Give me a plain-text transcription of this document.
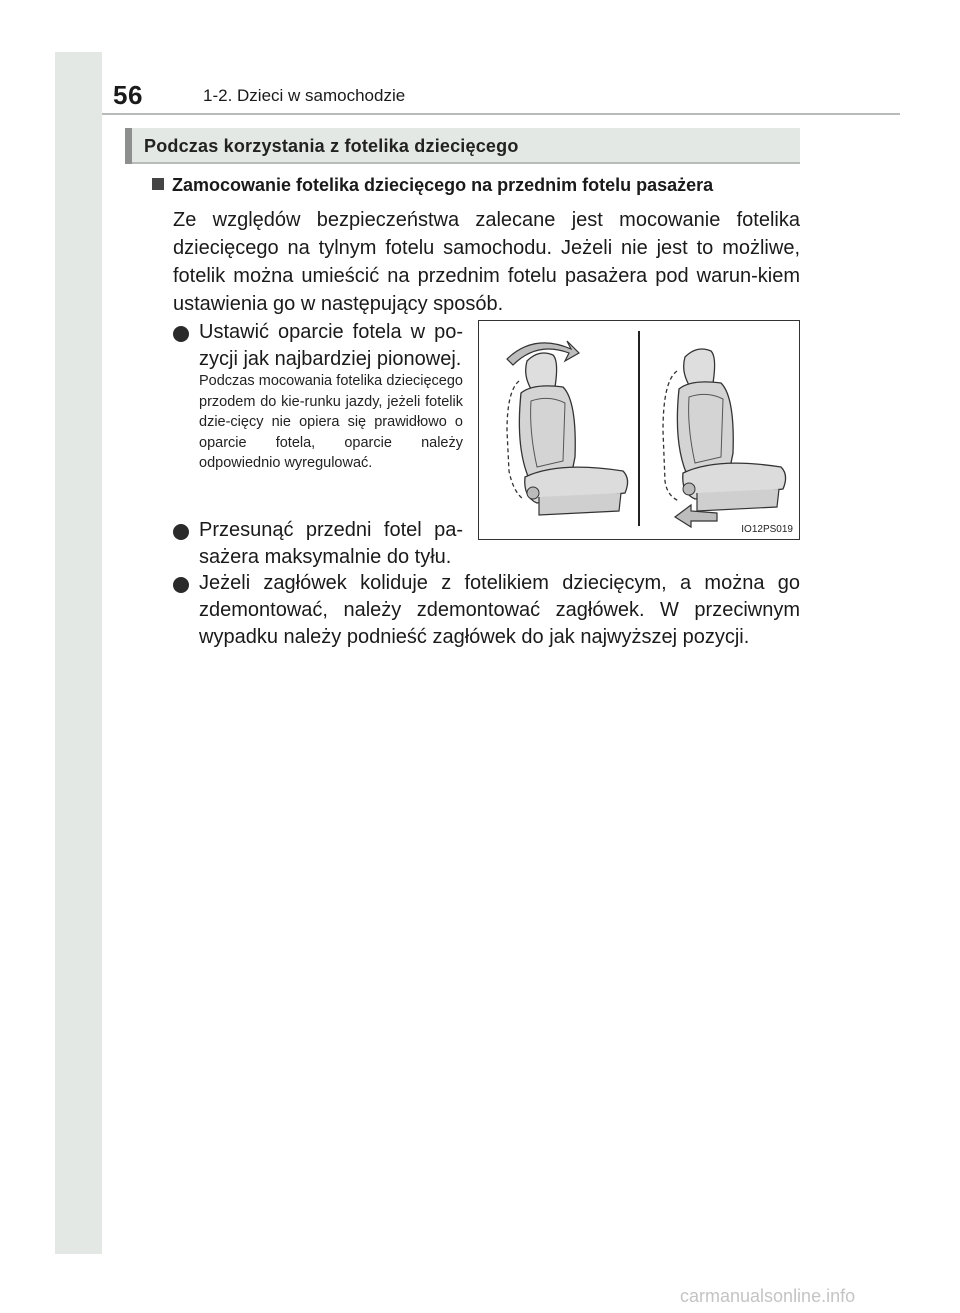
56	1-2. Dzieci w samochodzie
Podczas korzystania z fotelika dziecięcego
Zamocowanie fotelika dziecięcego na przednim fotelu pasażera
Ze względów bezpieczeństwa zalecane jest mocowanie fotelika dziecięcego na tylnym fotelu samochodu. Jeżeli nie jest to możliwe, fotelik można umieścić na przednim fotelu pasażera pod warun-kiem ustawienia go w następujący sposób.
Ustawić oparcie fotela w po-zycji jak najbardziej pionowej.
Podczas mocowania fotelika dziecięcego przodem do kie-runku jazdy, jeżeli fotelik dzie-cięcy nie opiera się prawidłowo o oparcie fotela, oparcie należy odpowiednio wyregulować.
Przesunąć przedni fotel pa-sażera maksymalnie do tyłu.
Jeżeli zagłówek koliduje z fotelikiem dziecięcym, a można go zdemontować, należy zdemontować zagłówek. W przeciwnym wypadku należy podnieść zagłówek do jak najwyższej pozycji.
IO12PS019
carmanualsonline.info
